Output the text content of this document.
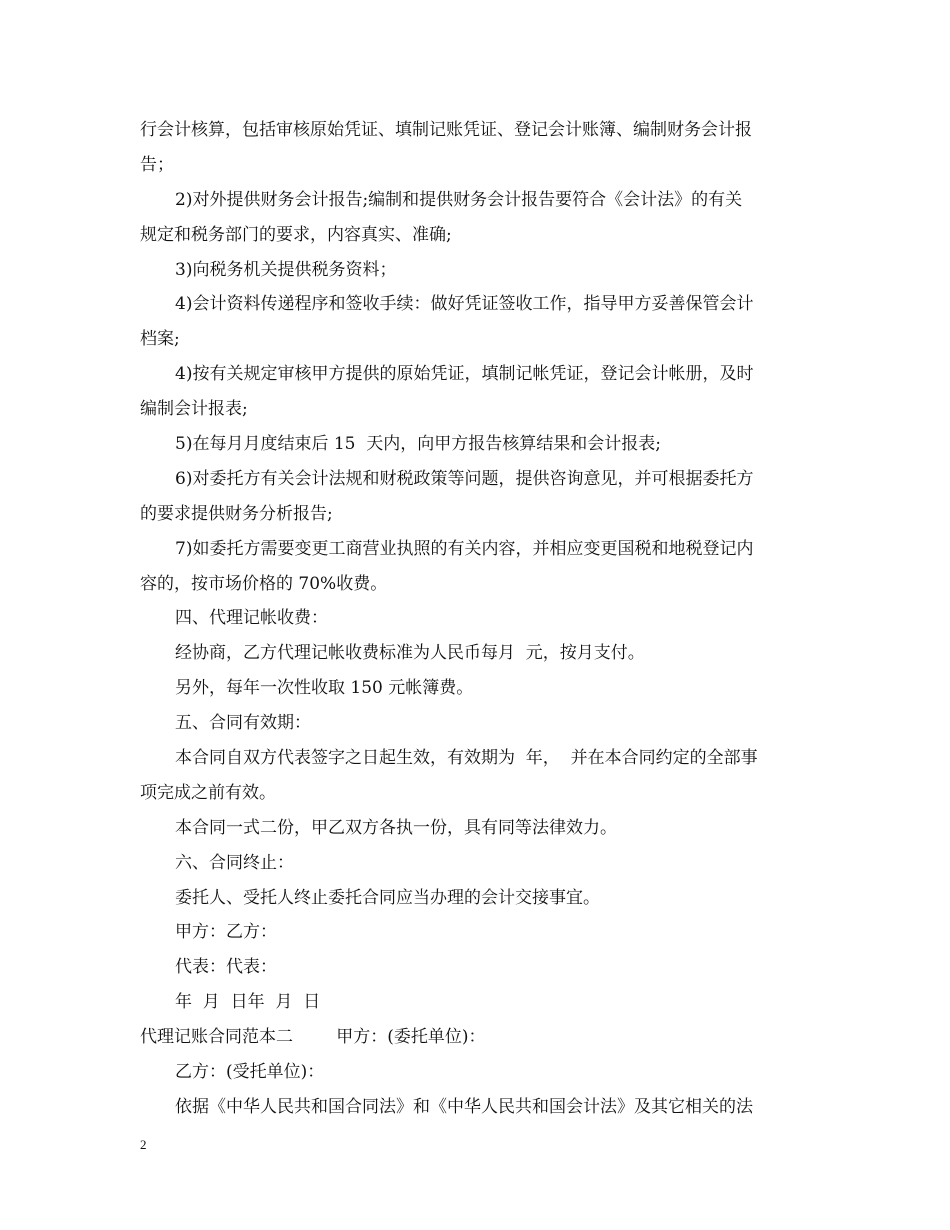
行会计核算，包括审核原始凭证、填制记账凭证、登记会计账簿、编制财务会计报
告；
2)对外提供财务会计报告;编制和提供财务会计报告要符合《会计法》的有关
规定和税务部门的要求，内容真实、准确;
3)向税务机关提供税务资料；
4)会计资料传递程序和签收手续：做好凭证签收工作，指导甲方妥善保管会计
档案;
4)按有关规定审核甲方提供的原始凭证，填制记帐凭证，登记会计帐册，及时
编制会计报表;
5)在每月月度结束后 15  天内，向甲方报告核算结果和会计报表;
6)对委托方有关会计法规和财税政策等问题，提供咨询意见，并可根据委托方
的要求提供财务分析报告;
7)如委托方需要变更工商营业执照的有关内容，并相应变更国税和地税登记内
容的，按市场价格的 70%收费。
四、代理记帐收费：
经协商，乙方代理记帐收费标准为人民币每月  元，按月支付。
另外，每年一次性收取 150 元帐簿费。
五、合同有效期：
本合同自双方代表签字之日起生效，有效期为  年，  并在本合同约定的全部事
项完成之前有效。
本合同一式二份，甲乙双方各执一份，具有同等法律效力。
六、合同终止：
委托人、受托人终止委托合同应当办理的会计交接事宜。
甲方：乙方：
代表：代表：
年  月  日年  月  日
代理记账合同范本二        甲方：(委托单位)：
乙方：(受托单位)：
依据《中华人民共和国合同法》和《中华人民共和国会计法》及其它相关的法
2
